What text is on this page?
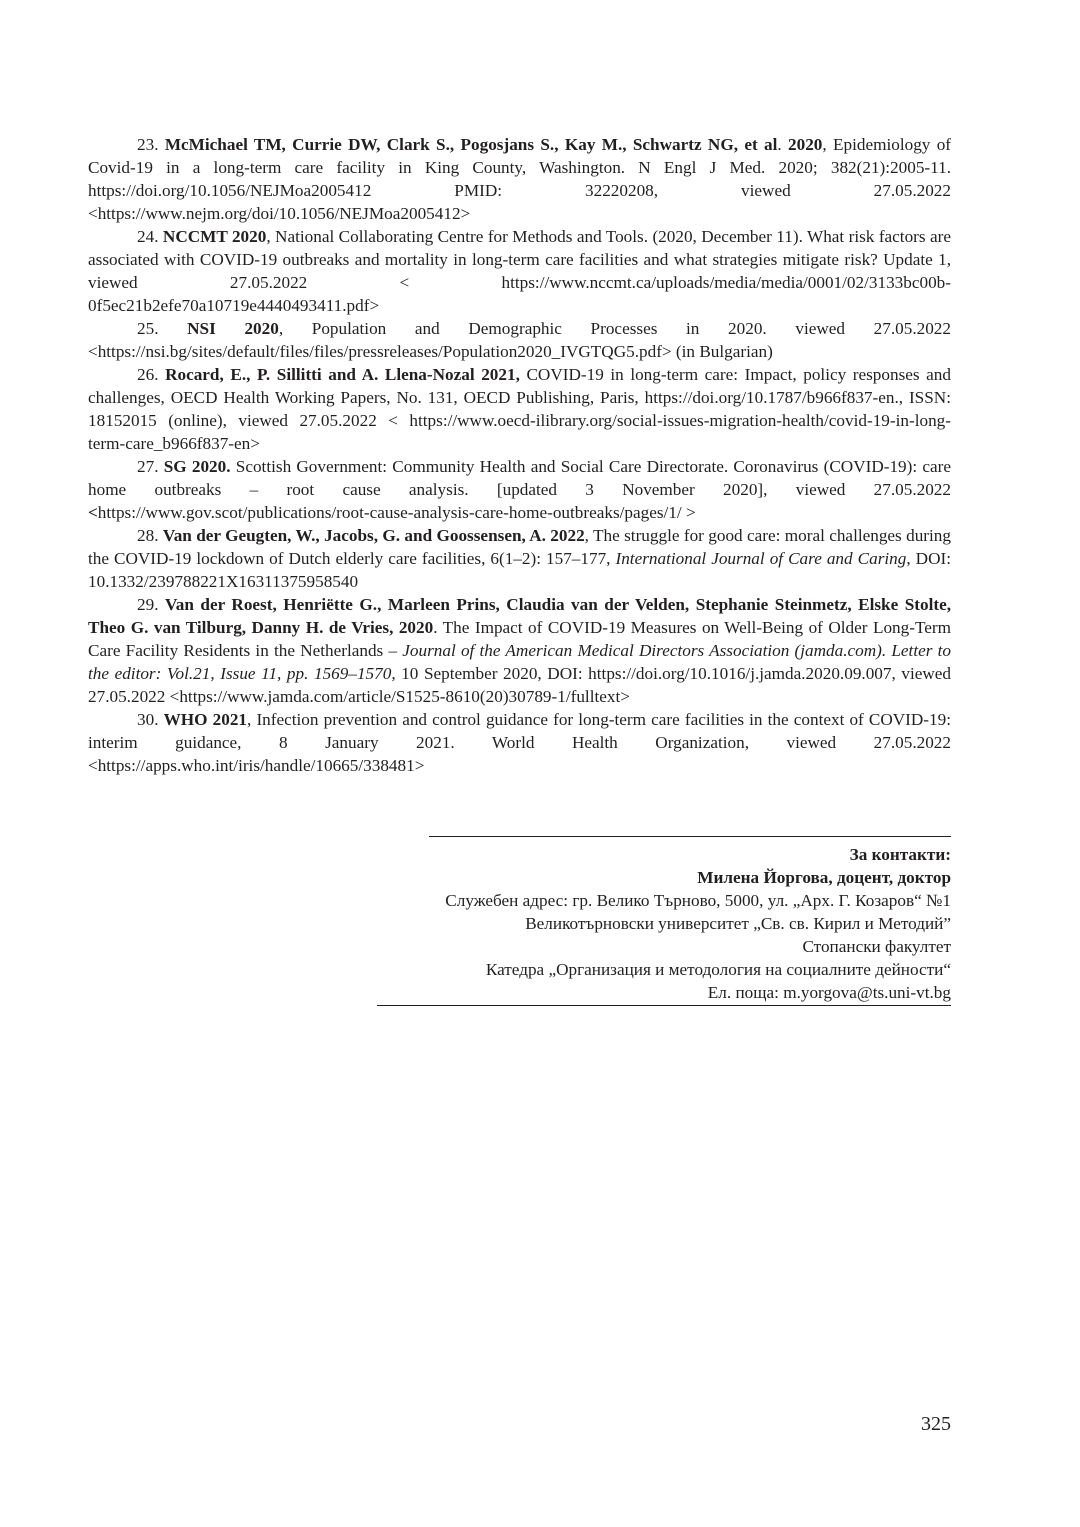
23. McMichael TM, Currie DW, Clark S., Pogosjans S., Kay M., Schwartz NG, et al. 2020, Epidemiology of Covid-19 in a long-term care facility in King County, Washington. N Engl J Med. 2020; 382(21):2005-11. https://doi.org/10.1056/NEJMoa2005412 PMID: 32220208, viewed 27.05.2022 <https://www.nejm.org/doi/10.1056/NEJMoa2005412>

24. NCCMT 2020, National Collaborating Centre for Methods and Tools. (2020, December 11). What risk factors are associated with COVID-19 outbreaks and mortality in long-term care facilities and what strategies mitigate risk? Update 1, viewed 27.05.2022 < https://www.nccmt.ca/uploads/media/media/0001/02/3133bc00b-0f5ec21b2efe70a10719e4440493411.pdf>

25. NSI 2020, Population and Demographic Processes in 2020. viewed 27.05.2022 <https://nsi.bg/sites/default/files/files/pressreleases/Population2020_IVGTQG5.pdf> (in Bulgarian)

26. Rocard, E., P. Sillitti and A. Llena-Nozal 2021, COVID-19 in long-term care: Impact, policy responses and challenges, OECD Health Working Papers, No. 131, OECD Publishing, Paris, https://doi.org/10.1787/b966f837-en., ISSN: 18152015 (online), viewed 27.05.2022 < https://www.oecd-ilibrary.org/social-issues-migration-health/covid-19-in-long-term-care_b966f837-en>

27. SG 2020. Scottish Government: Community Health and Social Care Directorate. Coronavirus (COVID-19): care home outbreaks – root cause analysis. [updated 3 November 2020], viewed 27.05.2022 <https://www.gov.scot/publications/root-cause-analysis-care-home-outbreaks/pages/1/ >

28. Van der Geugten, W., Jacobs, G. and Goossensen, A. 2022, The struggle for good care: moral challenges during the COVID-19 lockdown of Dutch elderly care facilities, 6(1–2): 157–177, International Journal of Care and Caring, DOI: 10.1332/239788221X16311375958540

29. Van der Roest, Henriëtte G., Marleen Prins, Claudia van der Velden, Stephanie Steinmetz, Elske Stolte, Theo G. van Tilburg, Danny H. de Vries, 2020. The Impact of COVID-19 Measures on Well-Being of Older Long-Term Care Facility Residents in the Netherlands – Journal of the American Medical Directors Association (jamda.com). Letter to the editor: Vol.21, Issue 11, pp. 1569–1570, 10 September 2020, DOI: https://doi.org/10.1016/j.jamda.2020.09.007, viewed 27.05.2022 <https://www.jamda.com/article/S1525-8610(20)30789-1/fulltext>

30. WHO 2021, Infection prevention and control guidance for long-term care facilities in the context of COVID-19: interim guidance, 8 January 2021. World Health Organization, viewed 27.05.2022 <https://apps.who.int/iris/handle/10665/338481>

За контакти:
Милена Йоргова, доцент, доктор
Служебен адрес: гр. Велико Търново, 5000, ул. „Арх. Г. Козаров“ №1
Великотърновски университет „Св. св. Кирил и Методий”
Стопански факултет
Катедра „Организация и методология на социалните дейности“
Ел. поща: m.yorgova@ts.uni-vt.bg
325
